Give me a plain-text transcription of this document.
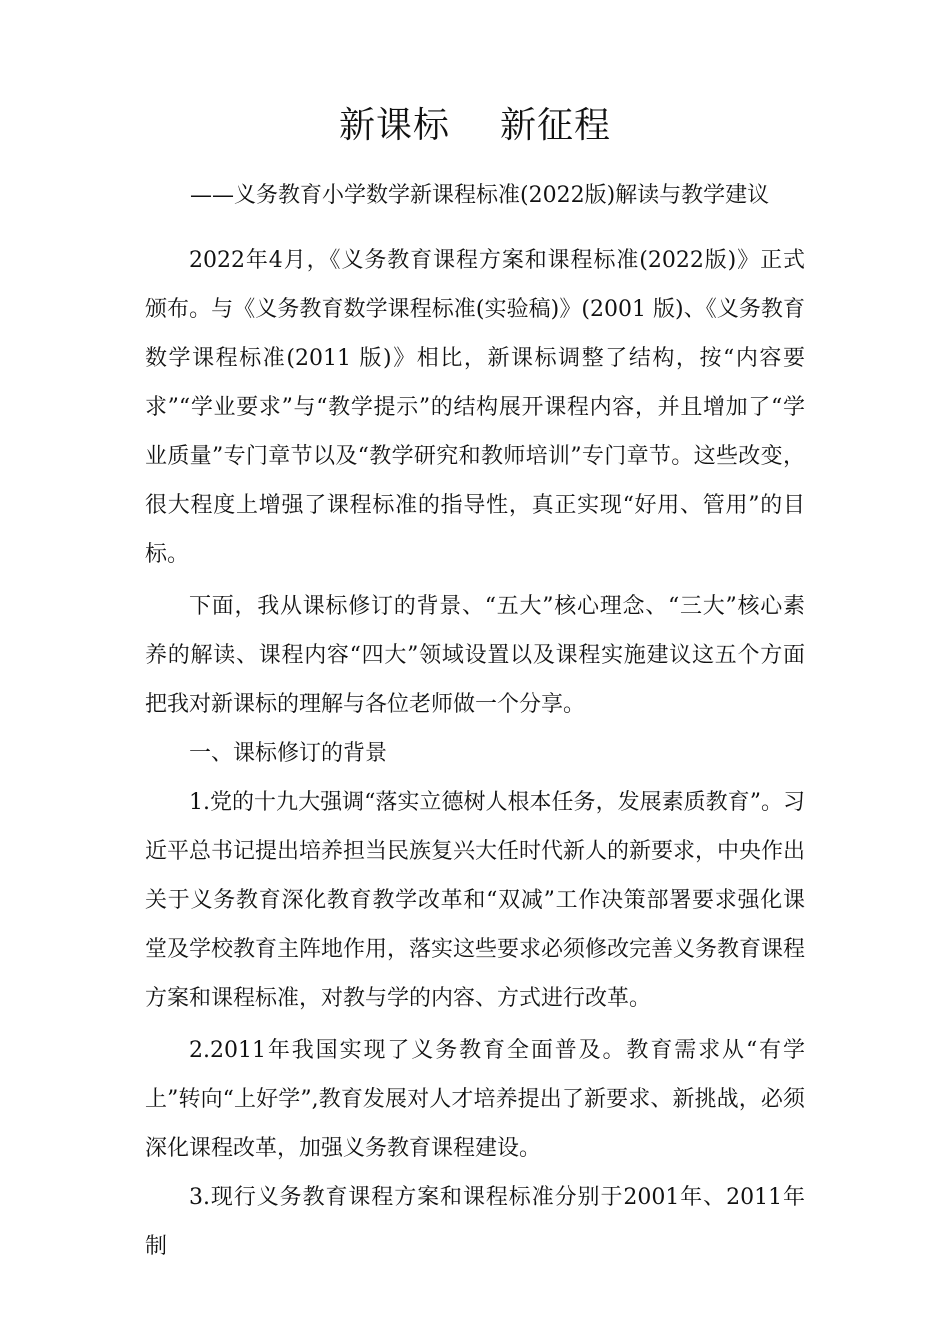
新课标 新征程
——义务教育小学数学新课程标准(2022版)解读与教学建议

2022年4月，《义务教育课程方案和课程标准(2022版)》正式颁布。与《义务教育数学课程标准(实验稿)》(2001 版)、《义务教育数学课程标准(2011 版)》相比，新课标调整了结构，按“内容要求”“学业要求”与“教学提示”的结构展开课程内容，并且增加了“学业质量”专门章节以及“教学研究和教师培训”专门章节。这些改变，很大程度上增强了课程标准的指导性，真正实现“好用、管用”的目标。

下面，我从课标修订的背景、“五大”核心理念、“三大”核心素养的解读、课程内容“四大”领域设置以及课程实施建议这五个方面把我对新课标的理解与各位老师做一个分享。

一、课标修订的背景

1.党的十九大强调“落实立德树人根本任务，发展素质教育”。习近平总书记提出培养担当民族复兴大任时代新人的新要求，中央作出关于义务教育深化教育教学改革和“双减”工作决策部署要求强化课堂及学校教育主阵地作用，落实这些要求必须修改完善义务教育课程方案和课程标准，对教与学的内容、方式进行改革。

2.2011年我国实现了义务教育全面普及。教育需求从“有学上”转向“上好学”,教育发展对人才培养提出了新要求、新挑战，必须深化课程改革，加强义务教育课程建设。

3.现行义务教育课程方案和课程标准分别于2001年、2011年制
